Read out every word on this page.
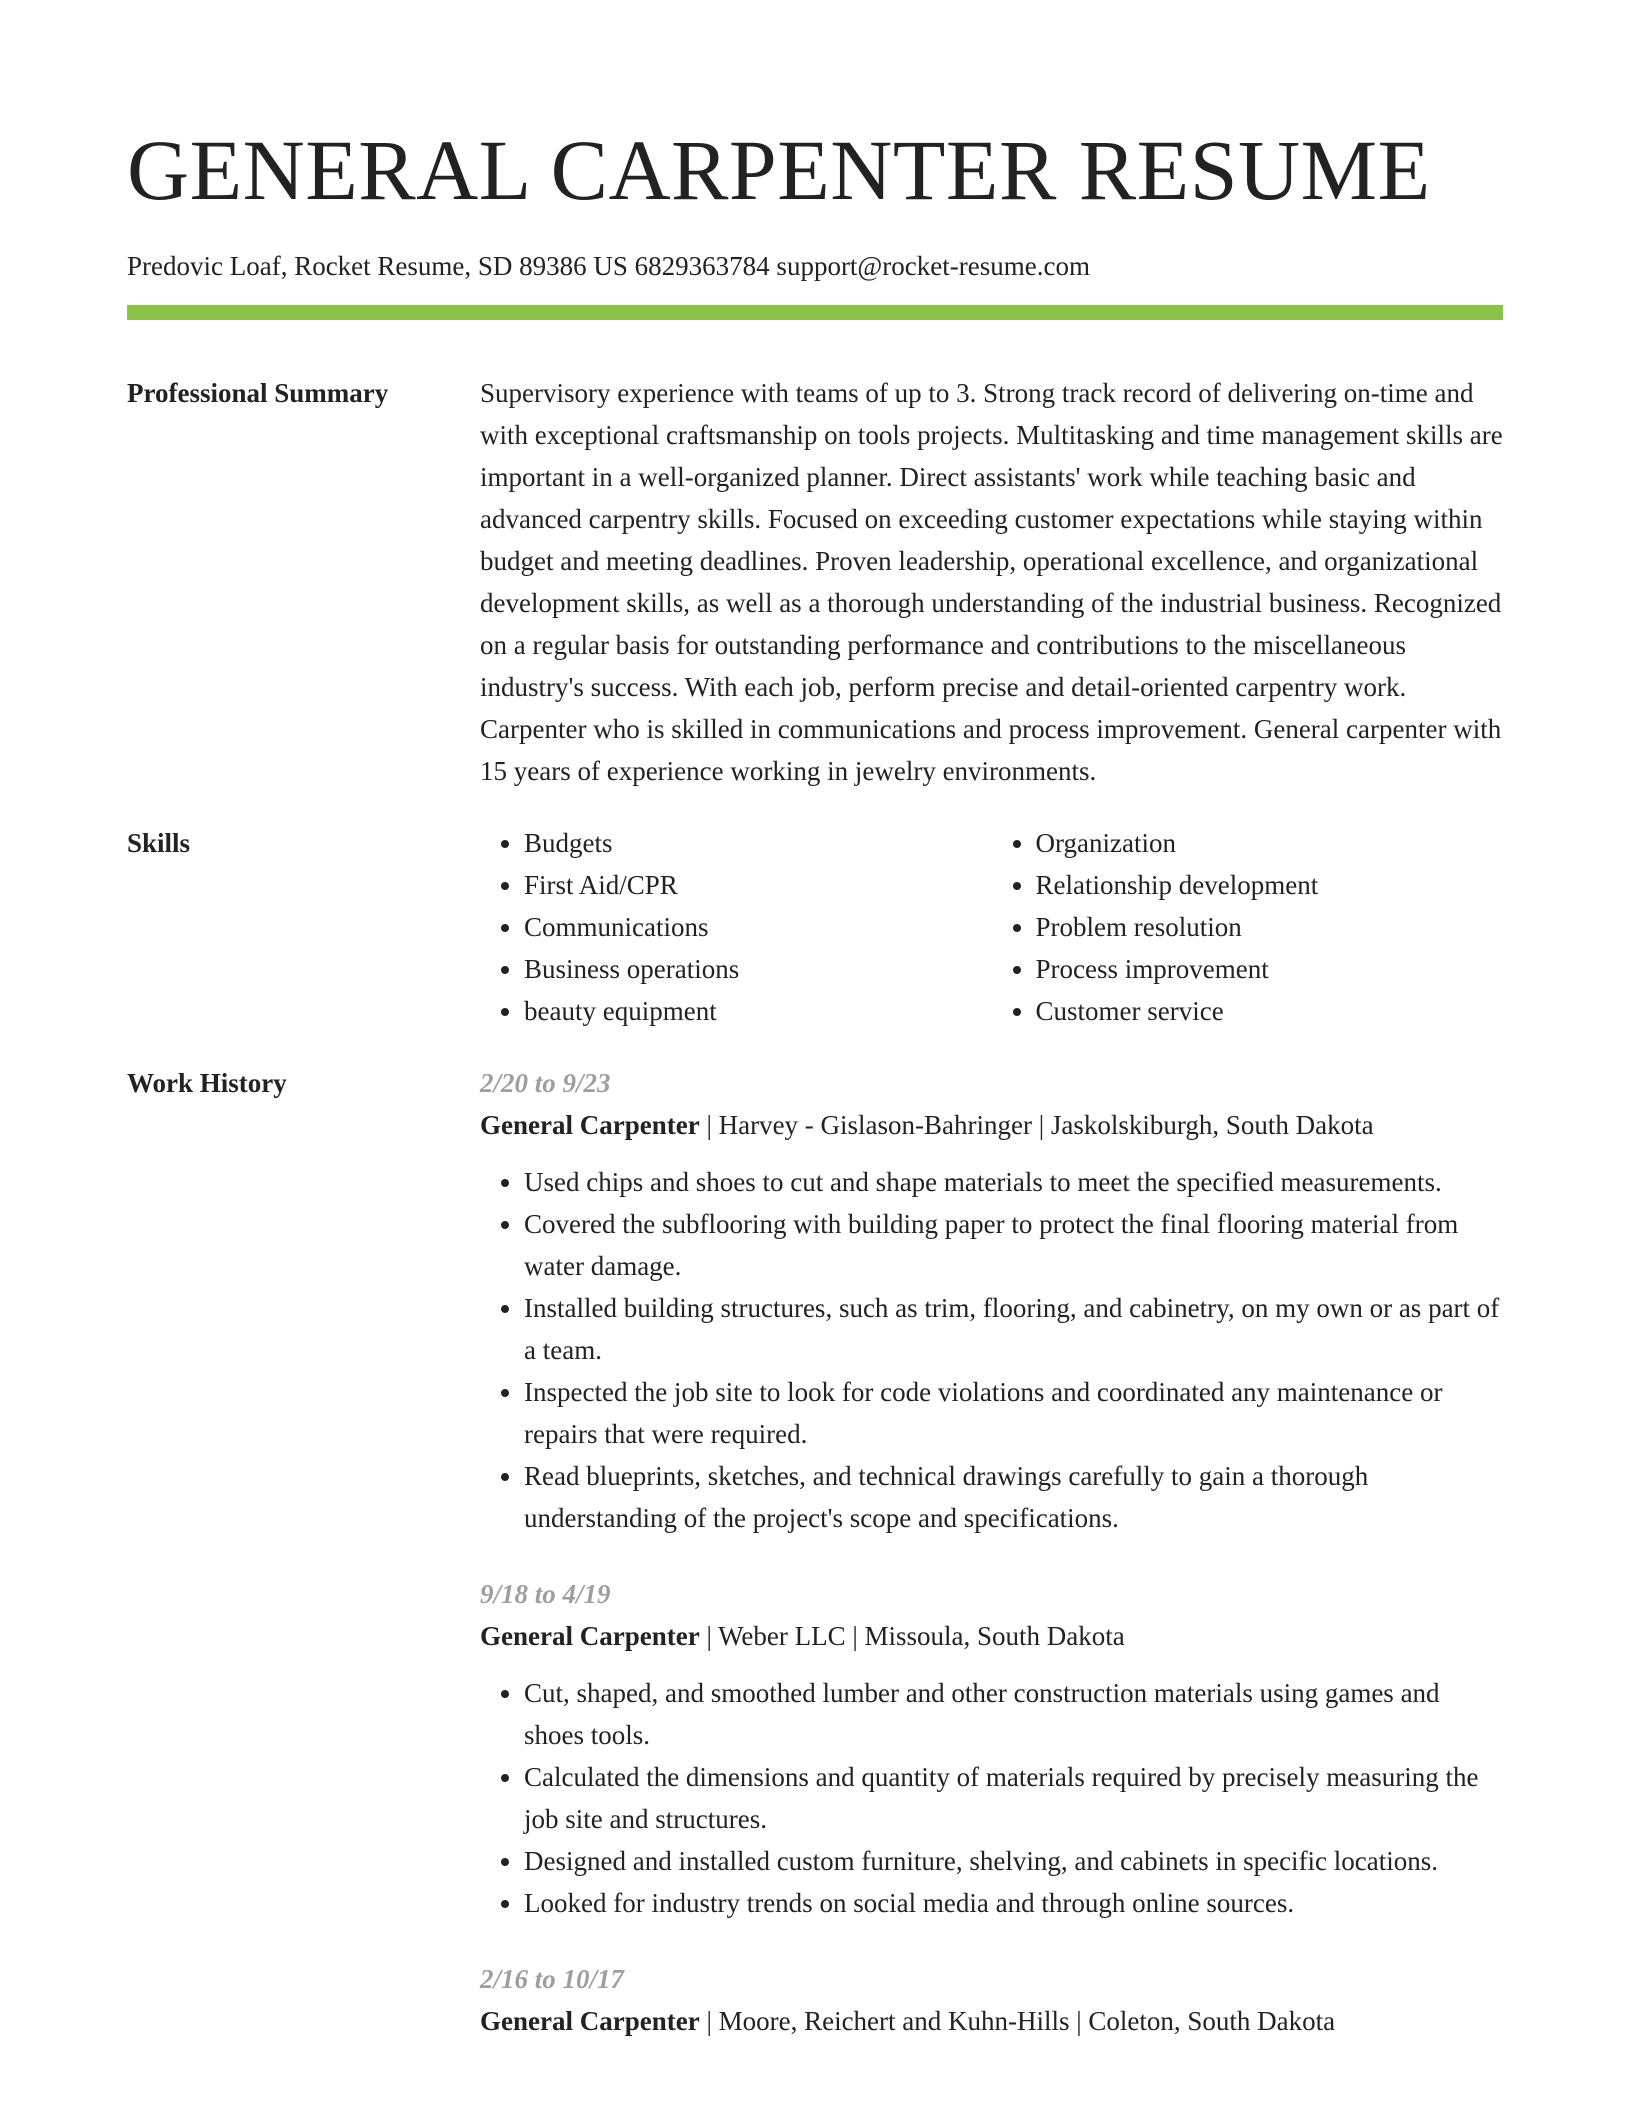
GENERAL CARPENTER RESUME
Predovic Loaf, Rocket Resume, SD 89386 US 6829363784 support@rocket-resume.com
Professional Summary	Supervisory experience with teams of up to 3. Strong track record of delivering on-time and with exceptional craftsmanship on tools projects. Multitasking and time management skills are important in a well-organized planner. Direct assistants' work while teaching basic and advanced carpentry skills. Focused on exceeding customer expectations while staying within budget and meeting deadlines. Proven leadership, operational excellence, and organizational development skills, as well as a thorough understanding of the industrial business. Recognized on a regular basis for outstanding performance and contributions to the miscellaneous industry's success. With each job, perform precise and detail-oriented carpentry work. Carpenter who is skilled in communications and process improvement. General carpenter with 15 years of experience working in jewelry environments.

Skills
•	Budgets
• First Aid/CPR
• Communications
• Business operations
• beauty equipment
• Organization
• Relationship development
• Problem resolution
• Process improvement
• Customer service
Work History	2/20 to 9/23
General Carpenter | Harvey - Gislason-Bahringer | Jaskolskiburgh, South Dakota
• Used chips and shoes to cut and shape materials to meet the specified measurements.
• Covered the subflooring with building paper to protect the final flooring material from water damage.
• Installed building structures, such as trim, flooring, and cabinetry, on my own or as part of a team.
• Inspected the job site to look for code violations and coordinated any maintenance or repairs that were required.
• Read blueprints, sketches, and technical drawings carefully to gain a thorough understanding of the project's scope and specifications.
9/18 to 4/19
General Carpenter | Weber LLC | Missoula, South Dakota
• Cut, shaped, and smoothed lumber and other construction materials using games and shoes tools.
• Calculated the dimensions and quantity of materials required by precisely measuring the job site and structures.
• Designed and installed custom furniture, shelving, and cabinets in specific locations.
• Looked for industry trends on social media and through online sources.
2/16 to 10/17
General Carpenter | Moore, Reichert and Kuhn-Hills | Coleton, South Dakota
